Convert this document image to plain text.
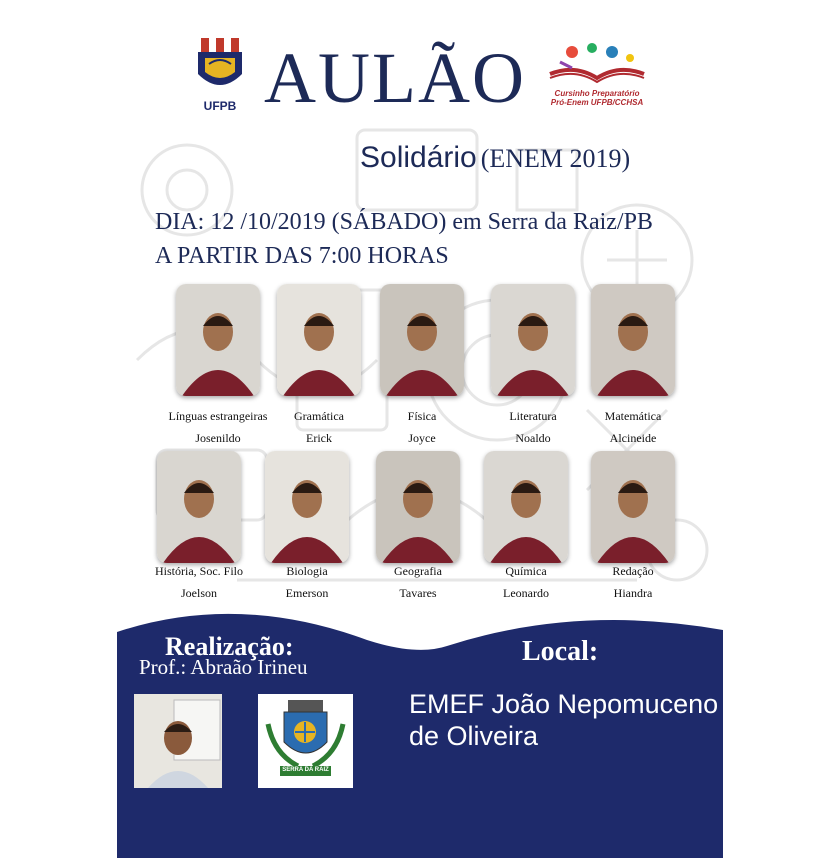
UFPB AULÃO	Cursinho Preparatório
Pró-Enem UFPB/CCHSA
Solidário (ENEM 2019)
DIA: 12 /10/2019 (SÁBADO) em Serra da Raiz/PB
A PARTIR DAS 7:00 HORAS
Línguas estrangeiras
Josenildo
Gramática
Erick
Física
Joyce
Literatura
Noaldo
Matemática
Alcineide
História, Soc. Filo
Joelson
Biologia
Emerson
Geografia
Tavares
Química
Leonardo
Redação
Hiandra
Realização:
Prof.: Abraão Irineu	Local:
EMEF João Nepomuceno
de Oliveira
SERRA DA RAIZ
